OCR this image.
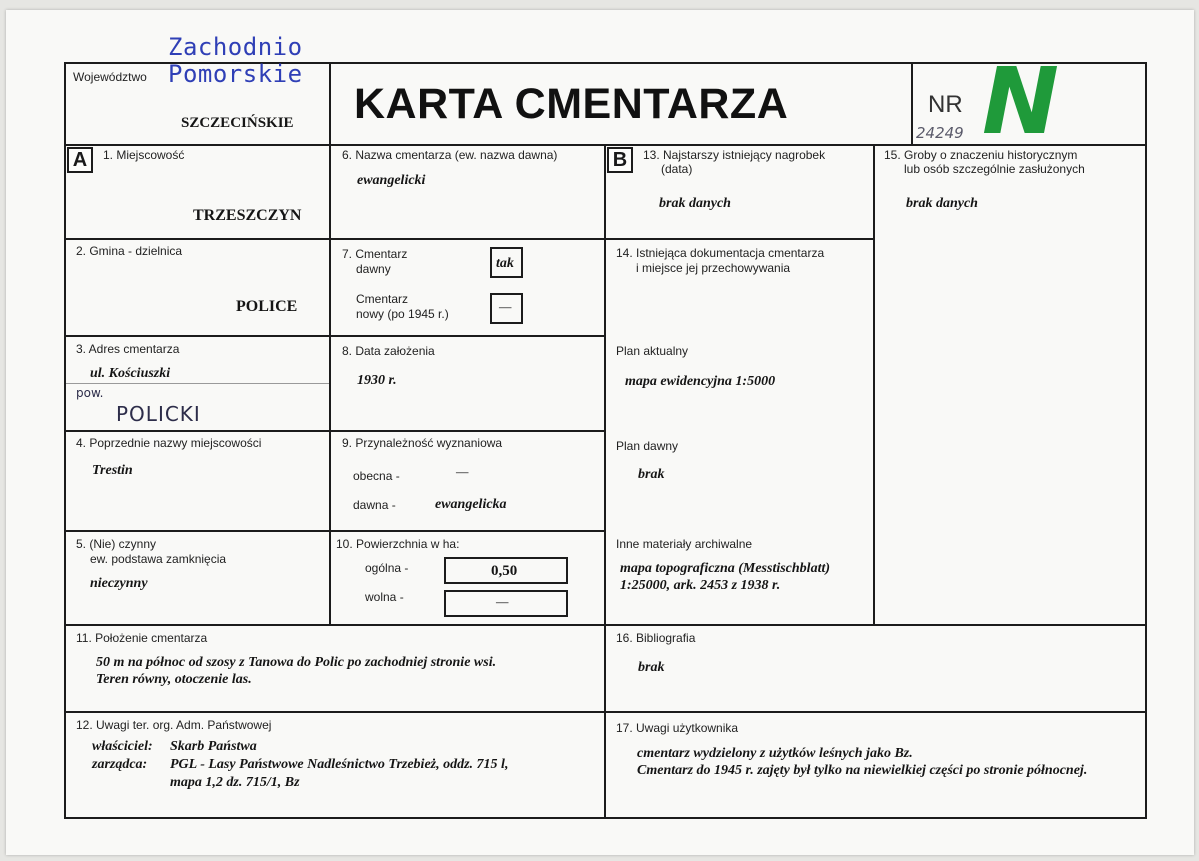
Zachodnio
Pomorskie
Województwo
SZCZECIŃSKIE KARTA CMENTARZA	NR
24249 N
A	B
1. Miejscowość
TRZESZCZYN
2. Gmina - dzielnica
POLICE
3. Adres cmentarza
ul. Kościuszki
pow.
POLICKI
4. Poprzednie nazwy miejscowości
Trestin
5. (Nie) czynny
ew. podstawa zamknięcia
nieczynny
6. Nazwa cmentarza (ew. nazwa dawna)
ewangelicki
7. Cmentarz
dawny	tak
Cmentarz
nowy (po 1945 r.)	—
8. Data założenia
1930 r.
9. Przynależność wyznaniowa
obecna -	—
dawna -	ewangelicka
10. Powierzchnia w ha:
ogólna -	0,50
wolna -	—
11. Położenie cmentarza
50 m na północ od szosy z Tanowa do Polic po zachodniej stronie wsi.
Teren równy, otoczenie las.
12. Uwagi ter. org. Adm. Państwowej
właściciel: Skarb Państwa
zarządca: PGL - Lasy Państwowe Nadleśnictwo Trzebież, oddz. 715 l,
mapa 1,2 dz. 715/1, Bz
13. Najstarszy istniejący nagrobek
(data)
brak danych
14. Istniejąca dokumentacja cmentarza
i miejsce jej przechowywania
Plan aktualny
mapa ewidencyjna 1:5000
Plan dawny
brak
Inne materiały archiwalne
mapa topograficzna (Messtischblatt)
1:25000, ark. 2453 z 1938 r.
15. Groby o znaczeniu historycznym
lub osób szczególnie zasłużonych
brak danych
16. Bibliografia
brak
17. Uwagi użytkownika
cmentarz wydzielony z użytków leśnych jako Bz.
Cmentarz do 1945 r. zajęty był tylko na niewielkiej części po stronie północnej.
